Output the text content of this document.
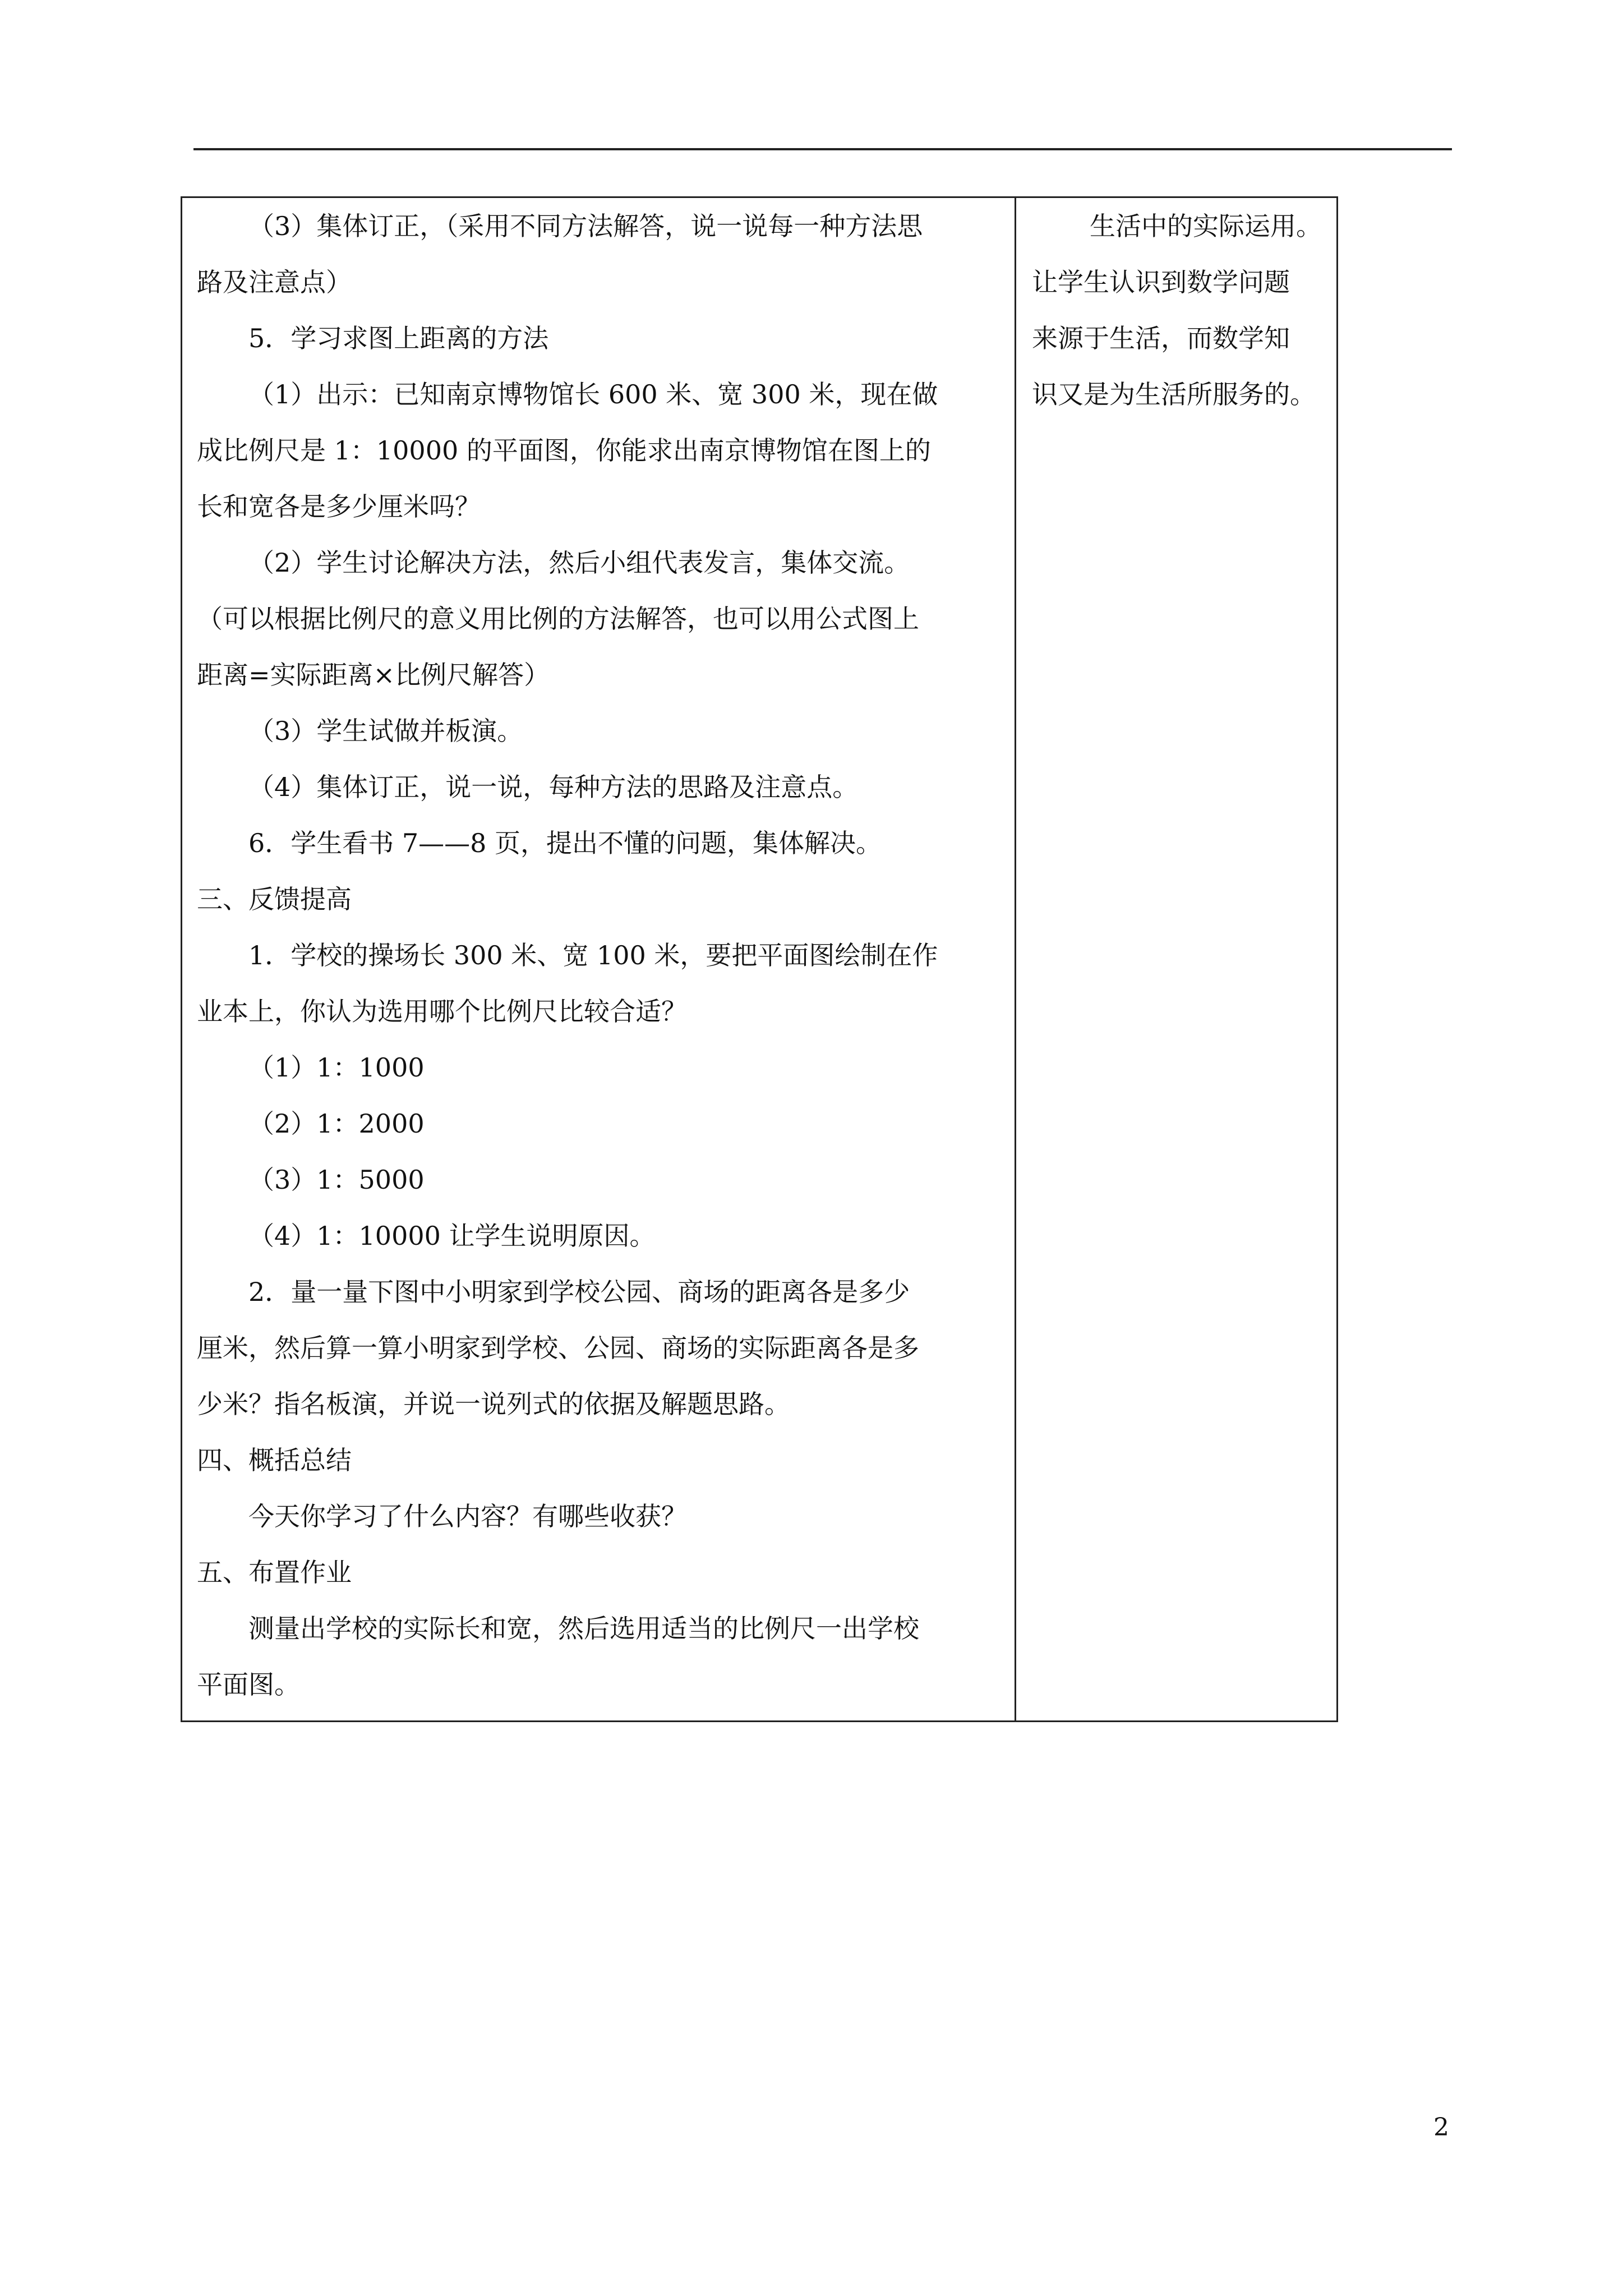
（3）集体订正，（采用不同方法解答，说一说每一种方法思
路及注意点）
5．学习求图上距离的方法
（1）出示：已知南京博物馆长 600 米、宽 300 米，现在做
成比例尺是 1：10000 的平面图，你能求出南京博物馆在图上的
长和宽各是多少厘米吗？
（2）学生讨论解决方法，然后小组代表发言，集体交流。
（可以根据比例尺的意义用比例的方法解答，也可以用公式图上
距离=实际距离×比例尺解答）
（3）学生试做并板演。
（4）集体订正，说一说，每种方法的思路及注意点。
6．学生看书 7——8 页，提出不懂的问题，集体解决。
三、反馈提高
1．学校的操场长 300 米、宽 100 米，要把平面图绘制在作
业本上，你认为选用哪个比例尺比较合适？
（1）1：1000
（2）1：2000
（3）1：5000
（4）1：10000 让学生说明原因。
2．量一量下图中小明家到学校公园、商场的距离各是多少
厘米，然后算一算小明家到学校、公园、商场的实际距离各是多
少米？指名板演，并说一说列式的依据及解题思路。
四、概括总结
今天你学习了什么内容？有哪些收获？
五、布置作业
测量出学校的实际长和宽，然后选用适当的比例尺一出学校
平面图。
生活中的实际运用。
让学生认识到数学问题
来源于生活，而数学知
识又是为生活所服务的。
2
